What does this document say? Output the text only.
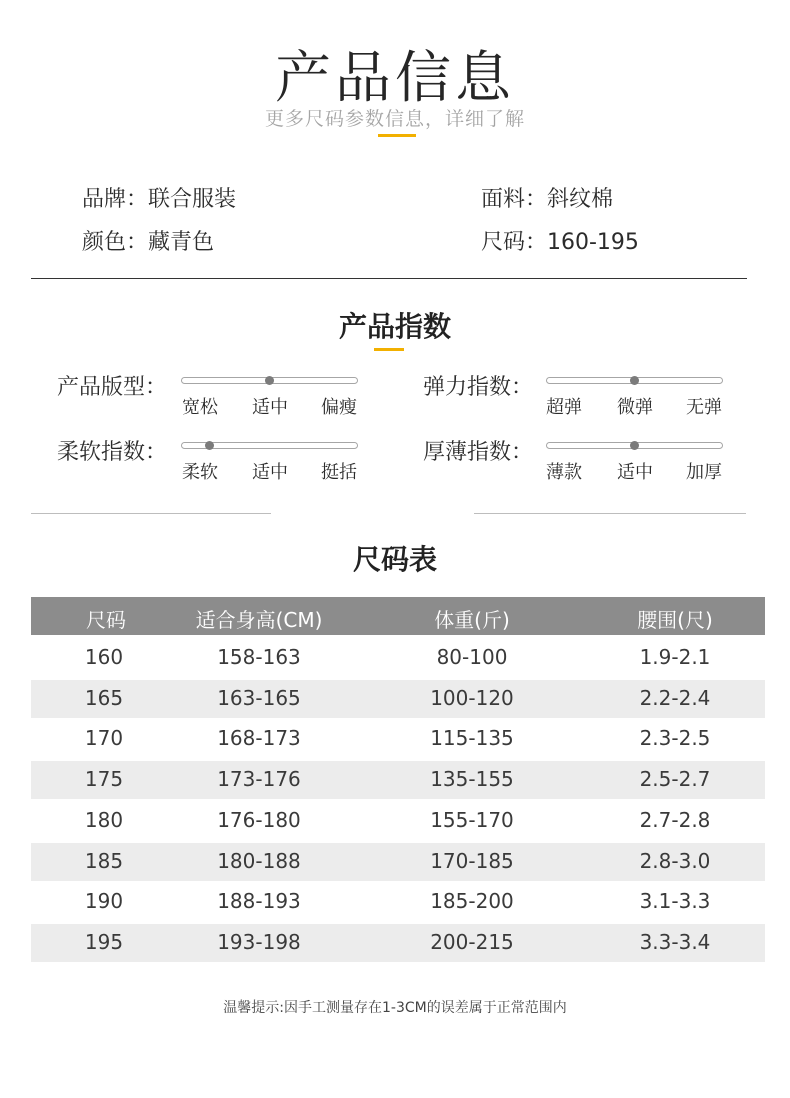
产品信息
更多尺码参数信息，详细了解
品牌：联合服装	面料：斜纹棉
颜色：藏青色	尺码：160-195
产品指数
产品版型：
宽松	适中	偏瘦
弹力指数：
超弹	微弹	无弹
柔软指数：
柔软	适中	挺括
厚薄指数：
薄款	适中	加厚
尺码表
尺码	适合身高(CM)	体重(斤)	腰围(尺)
160	158-163	80-100	1.9-2.1
165	163-165	100-120	2.2-2.4
170	168-173	115-135	2.3-2.5
175	173-176	135-155	2.5-2.7
180	176-180	155-170	2.7-2.8
185	180-188	170-185	2.8-3.0
190	188-193	185-200	3.1-3.3
195	193-198	200-215	3.3-3.4
温馨提示:因手工测量存在1-3CM的误差属于正常范围内
